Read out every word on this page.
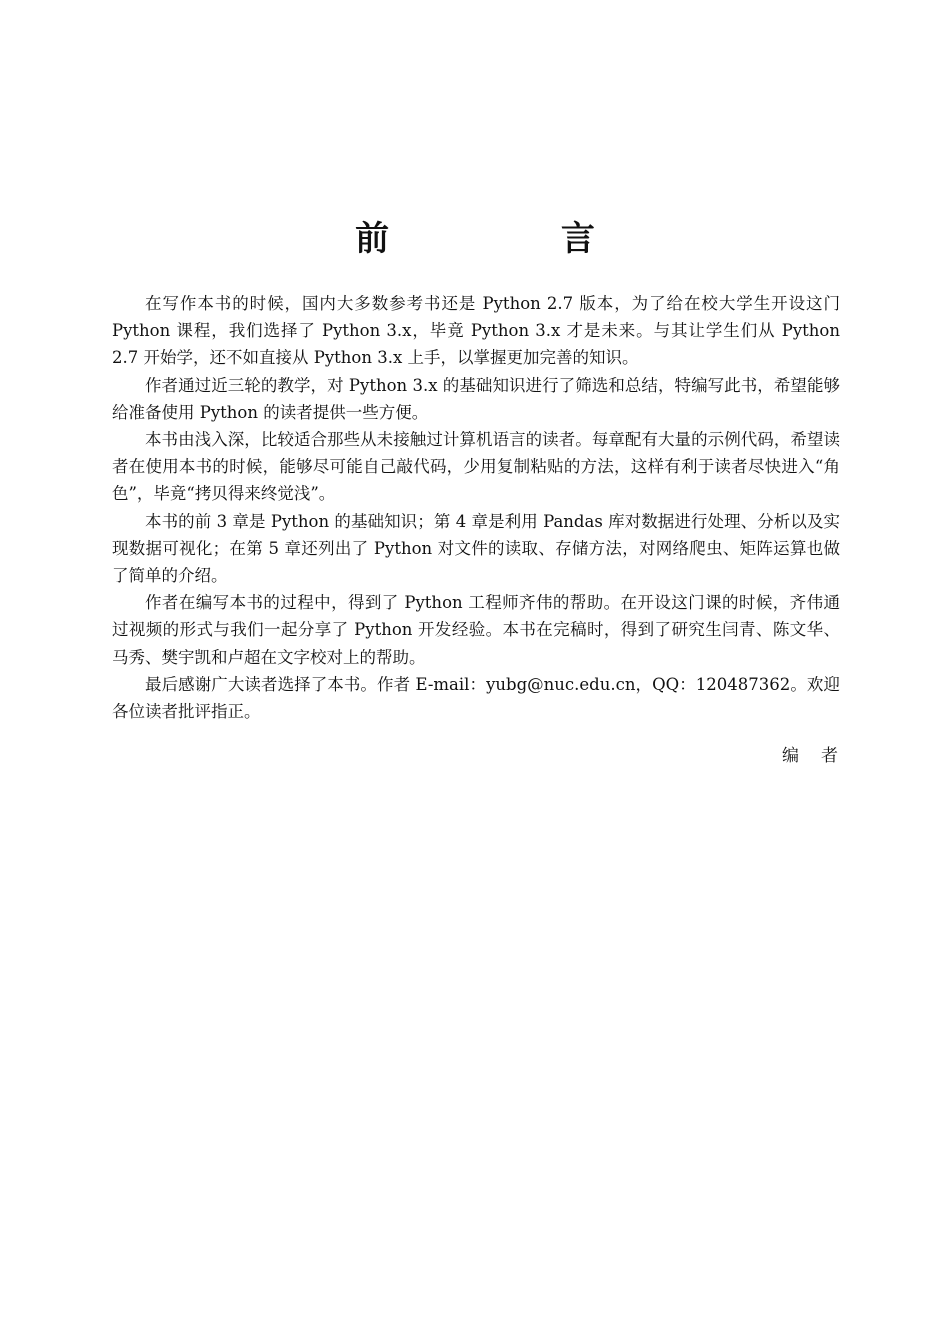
前 言

在写作本书的时候，国内大多数参考书还是 Python 2.7 版本，为了给在校大学生开设这门 Python 课程，我们选择了 Python 3.x，毕竟 Python 3.x 才是未来。与其让学生们从 Python 2.7 开始学，还不如直接从 Python 3.x 上手，以掌握更加完善的知识。

作者通过近三轮的教学，对 Python 3.x 的基础知识进行了筛选和总结，特编写此书，希望能够给准备使用 Python 的读者提供一些方便。

本书由浅入深，比较适合那些从未接触过计算机语言的读者。每章配有大量的示例代码，希望读者在使用本书的时候，能够尽可能自己敲代码，少用复制粘贴的方法，这样有利于读者尽快进入“角色”，毕竟“拷贝得来终觉浅”。

本书的前 3 章是 Python 的基础知识；第 4 章是利用 Pandas 库对数据进行处理、分析以及实现数据可视化；在第 5 章还列出了 Python 对文件的读取、存储方法，对网络爬虫、矩阵运算也做了简单的介绍。

作者在编写本书的过程中，得到了 Python 工程师齐伟的帮助。在开设这门课的时候，齐伟通过视频的形式与我们一起分享了 Python 开发经验。本书在完稿时，得到了研究生闫青、陈文华、马秀、樊宇凯和卢超在文字校对上的帮助。

最后感谢广大读者选择了本书。作者 E-mail：yubg@nuc.edu.cn，QQ：120487362。欢迎各位读者批评指正。

编者
